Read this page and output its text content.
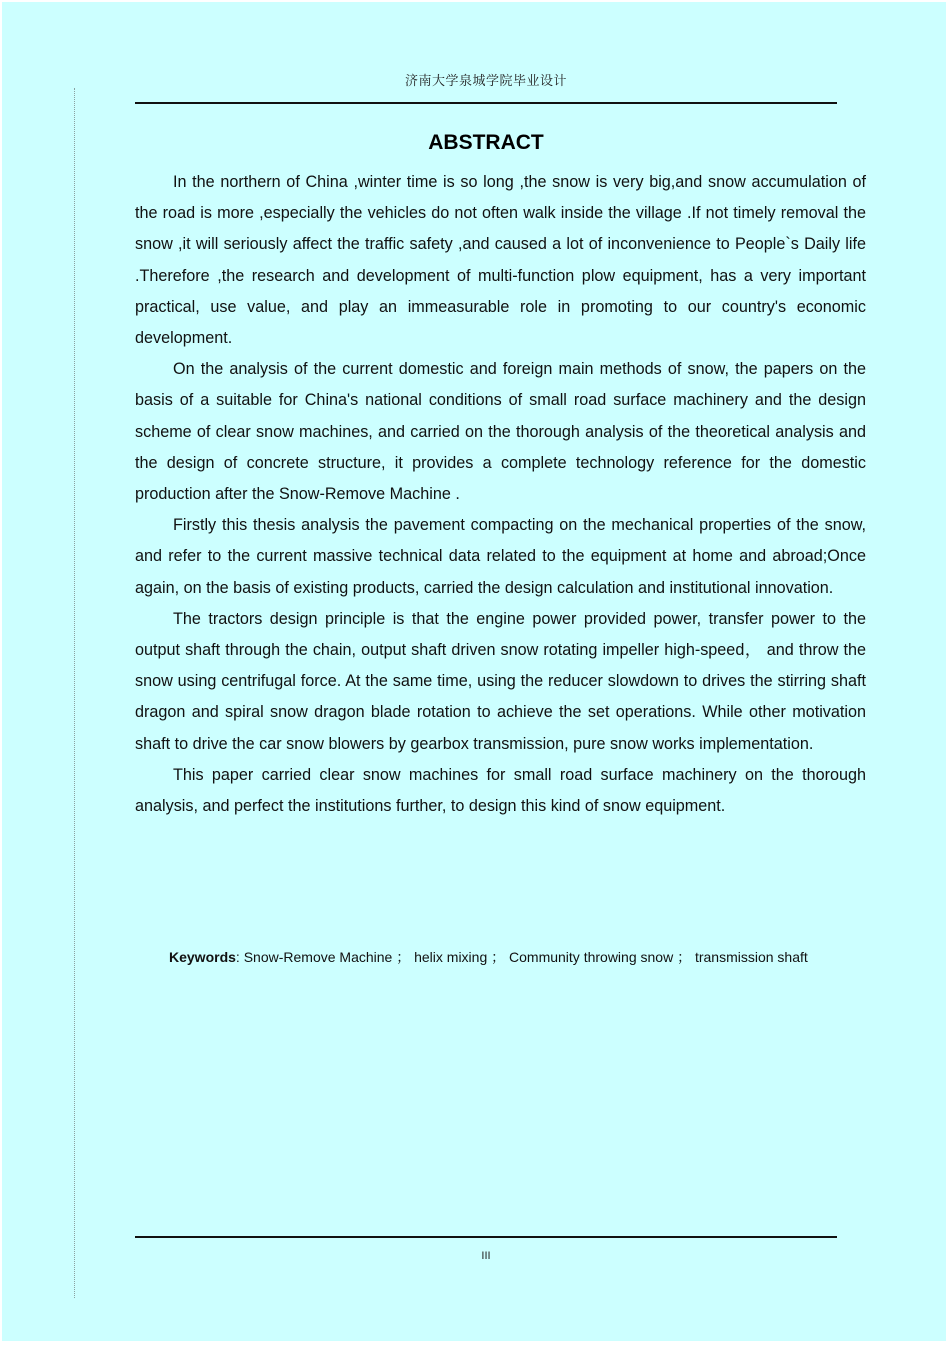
济南大学泉城学院毕业设计
ABSTRACT

In the northern of China ,winter time is so long ,the snow is very big,and snow accumulation of the road is more ,especially the vehicles do not often walk inside the village .If not timely removal the snow ,it will seriously affect the traffic safety ,and caused a lot of inconvenience to People`s Daily life .Therefore ,the research and development of multi-function plow equipment, has a very important practical, use value, and play an immeasurable role in promoting to our country's economic development.

On the analysis of the current domestic and foreign main methods of snow, the papers on the basis of a suitable for China's national conditions of small road surface machinery and the design scheme of clear snow machines, and carried on the thorough analysis of the theoretical analysis and the design of concrete structure, it provides a complete technology reference for the domestic production after the Snow-Remove Machine .

Firstly this thesis analysis the pavement compacting on the mechanical properties of the snow, and refer to the current massive technical data related to the equipment at home and abroad;Once again, on the basis of existing products, carried the design calculation and institutional innovation.

The tractors design principle is that the engine power provided power, transfer power to the output shaft through the chain, output shaft driven snow rotating impeller high-speed， and throw the snow using centrifugal force. At the same time, using the reducer slowdown to drives the stirring shaft dragon and spiral snow dragon blade rotation to achieve the set operations. While other motivation shaft to drive the car snow blowers by gearbox transmission, pure snow works implementation.

This paper carried clear snow machines for small road surface machinery on the thorough analysis, and perfect the institutions further, to design this kind of snow equipment.

Keywords: Snow-Remove Machine ； helix mixing ； Community throwing snow ； transmission shaft
III
